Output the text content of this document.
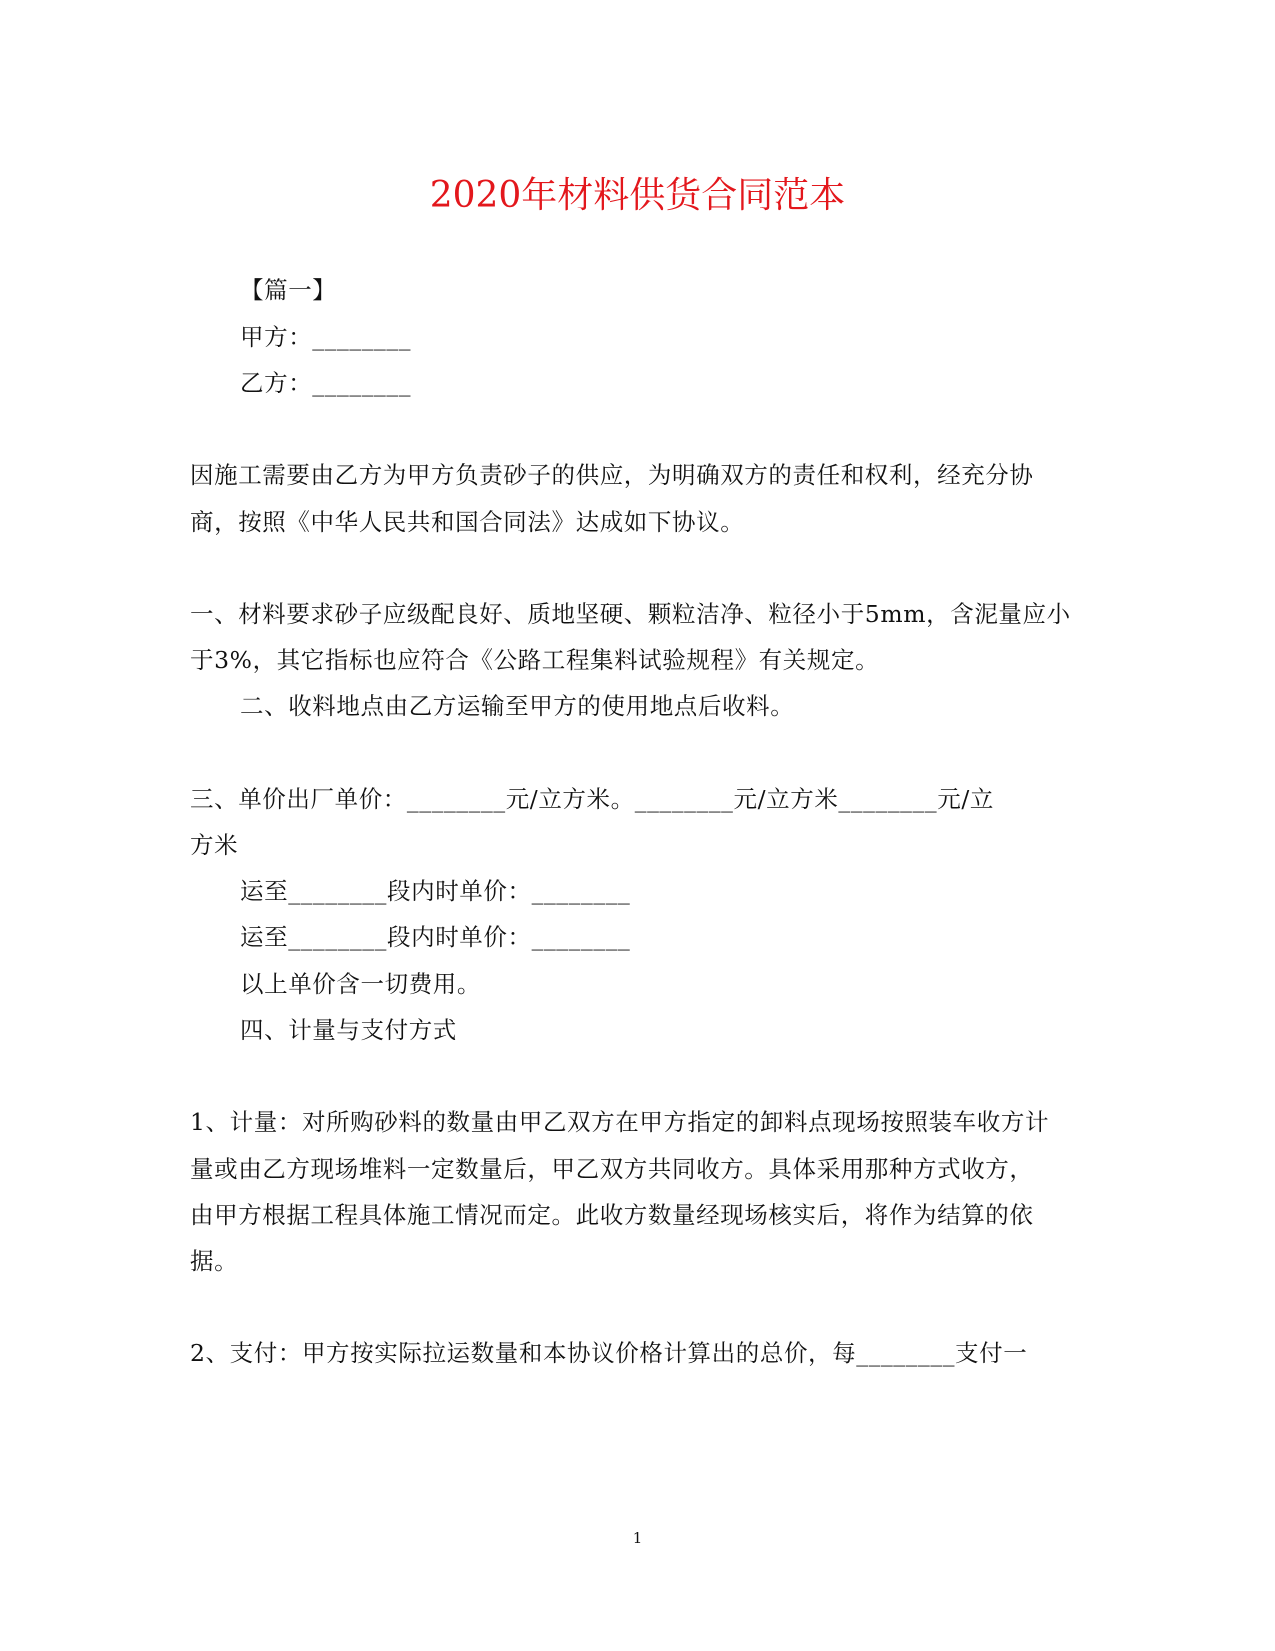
2020年材料供货合同范本
【篇一】
甲方：________
乙方：________
因施工需要由乙方为甲方负责砂子的供应，为明确双方的责任和权利，经充分协
商，按照《中华人民共和国合同法》达成如下协议。
一、材料要求砂子应级配良好、质地坚硬、颗粒洁净、粒径小于5mm，含泥量应小
于3%，其它指标也应符合《公路工程集料试验规程》有关规定。
二、收料地点由乙方运输至甲方的使用地点后收料。
三、单价出厂单价：________元/立方米。________元/立方米________元/立
方米
运至________段内时单价：________
运至________段内时单价：________
以上单价含一切费用。
四、计量与支付方式
1、计量：对所购砂料的数量由甲乙双方在甲方指定的卸料点现场按照装车收方计
量或由乙方现场堆料一定数量后，甲乙双方共同收方。具体采用那种方式收方，
由甲方根据工程具体施工情况而定。此收方数量经现场核实后，将作为结算的依
据。
2、支付：甲方按实际拉运数量和本协议价格计算出的总价，每________支付一
1
